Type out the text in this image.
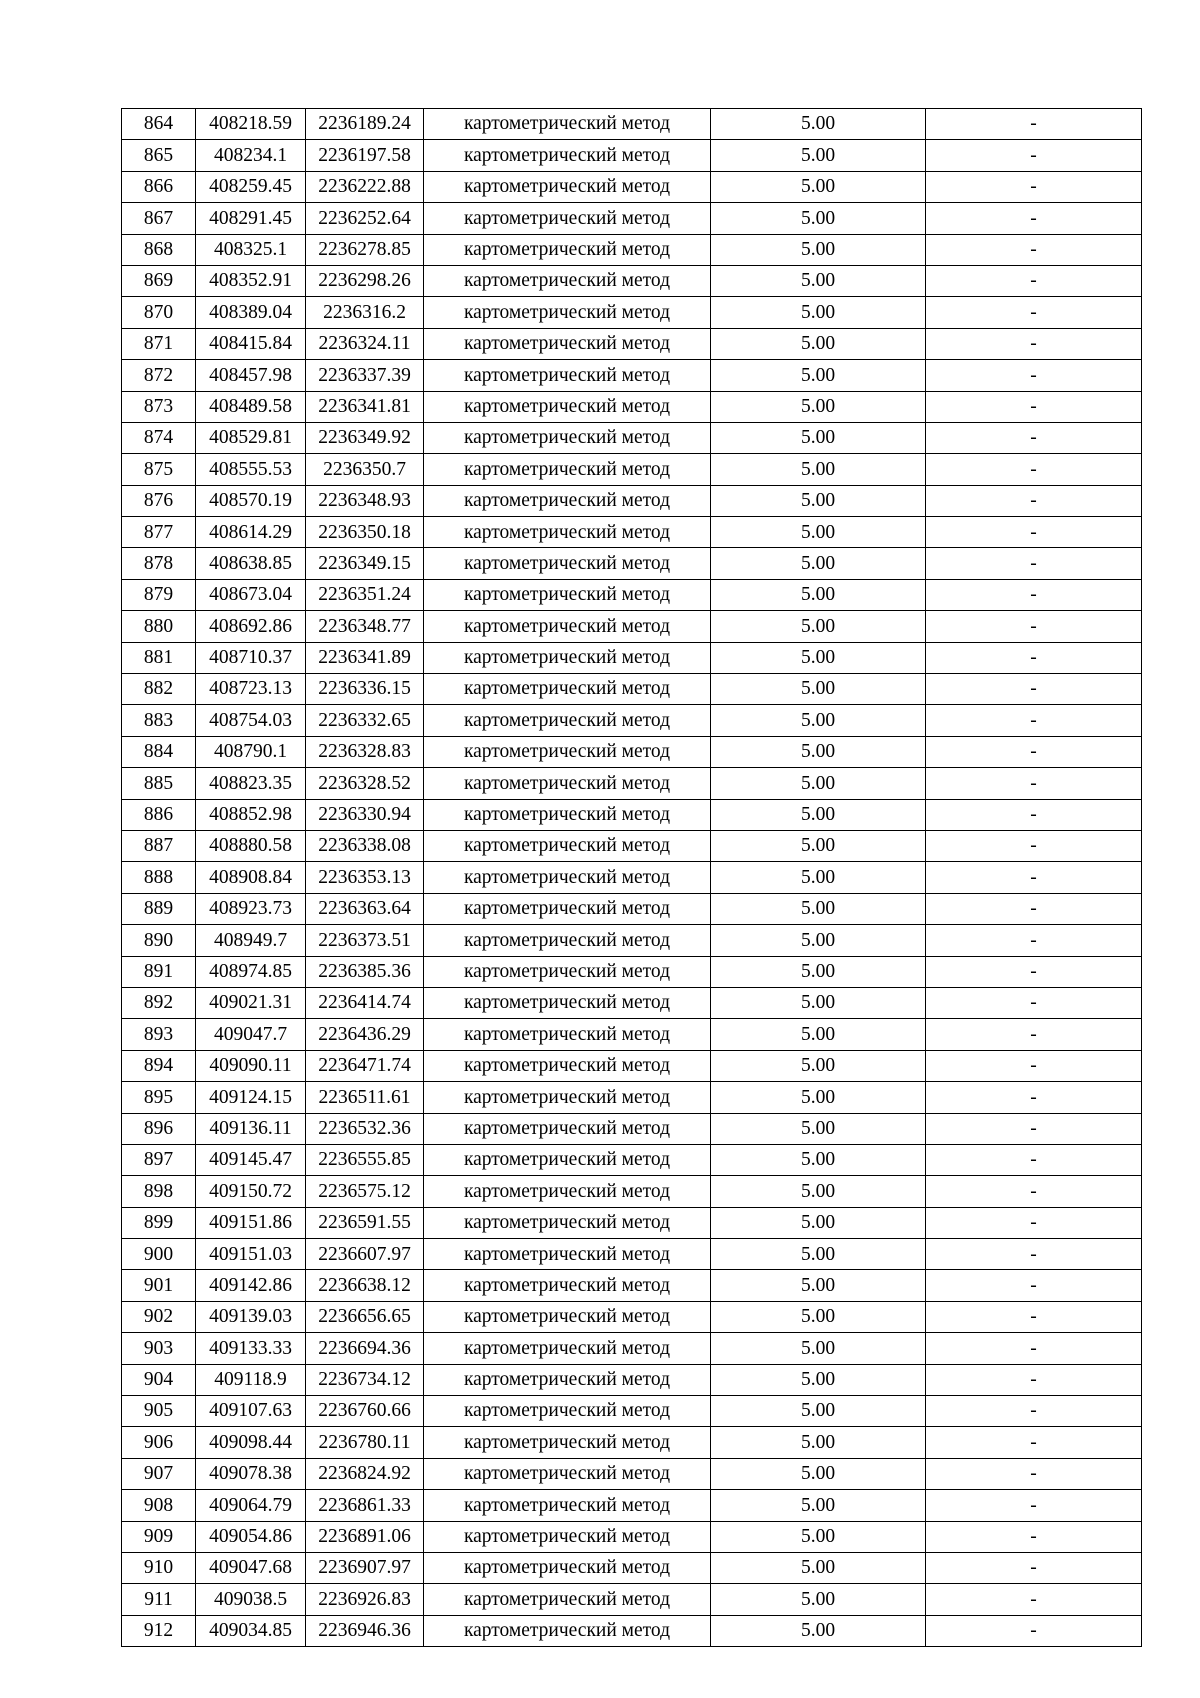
864	408218.59	2236189.24	картометрический метод	5.00	-
865	408234.1	2236197.58	картометрический метод	5.00	-
866	408259.45	2236222.88	картометрический метод	5.00	-
867	408291.45	2236252.64	картометрический метод	5.00	-
868	408325.1	2236278.85	картометрический метод	5.00	-
869	408352.91	2236298.26	картометрический метод	5.00	-
870	408389.04	2236316.2	картометрический метод	5.00	-
871	408415.84	2236324.11	картометрический метод	5.00	-
872	408457.98	2236337.39	картометрический метод	5.00	-
873	408489.58	2236341.81	картометрический метод	5.00	-
874	408529.81	2236349.92	картометрический метод	5.00	-
875	408555.53	2236350.7	картометрический метод	5.00	-
876	408570.19	2236348.93	картометрический метод	5.00	-
877	408614.29	2236350.18	картометрический метод	5.00	-
878	408638.85	2236349.15	картометрический метод	5.00	-
879	408673.04	2236351.24	картометрический метод	5.00	-
880	408692.86	2236348.77	картометрический метод	5.00	-
881	408710.37	2236341.89	картометрический метод	5.00	-
882	408723.13	2236336.15	картометрический метод	5.00	-
883	408754.03	2236332.65	картометрический метод	5.00	-
884	408790.1	2236328.83	картометрический метод	5.00	-
885	408823.35	2236328.52	картометрический метод	5.00	-
886	408852.98	2236330.94	картометрический метод	5.00	-
887	408880.58	2236338.08	картометрический метод	5.00	-
888	408908.84	2236353.13	картометрический метод	5.00	-
889	408923.73	2236363.64	картометрический метод	5.00	-
890	408949.7	2236373.51	картометрический метод	5.00	-
891	408974.85	2236385.36	картометрический метод	5.00	-
892	409021.31	2236414.74	картометрический метод	5.00	-
893	409047.7	2236436.29	картометрический метод	5.00	-
894	409090.11	2236471.74	картометрический метод	5.00	-
895	409124.15	2236511.61	картометрический метод	5.00	-
896	409136.11	2236532.36	картометрический метод	5.00	-
897	409145.47	2236555.85	картометрический метод	5.00	-
898	409150.72	2236575.12	картометрический метод	5.00	-
899	409151.86	2236591.55	картометрический метод	5.00	-
900	409151.03	2236607.97	картометрический метод	5.00	-
901	409142.86	2236638.12	картометрический метод	5.00	-
902	409139.03	2236656.65	картометрический метод	5.00	-
903	409133.33	2236694.36	картометрический метод	5.00	-
904	409118.9	2236734.12	картометрический метод	5.00	-
905	409107.63	2236760.66	картометрический метод	5.00	-
906	409098.44	2236780.11	картометрический метод	5.00	-
907	409078.38	2236824.92	картометрический метод	5.00	-
908	409064.79	2236861.33	картометрический метод	5.00	-
909	409054.86	2236891.06	картометрический метод	5.00	-
910	409047.68	2236907.97	картометрический метод	5.00	-
911	409038.5	2236926.83	картометрический метод	5.00	-
912	409034.85	2236946.36	картометрический метод	5.00	-
